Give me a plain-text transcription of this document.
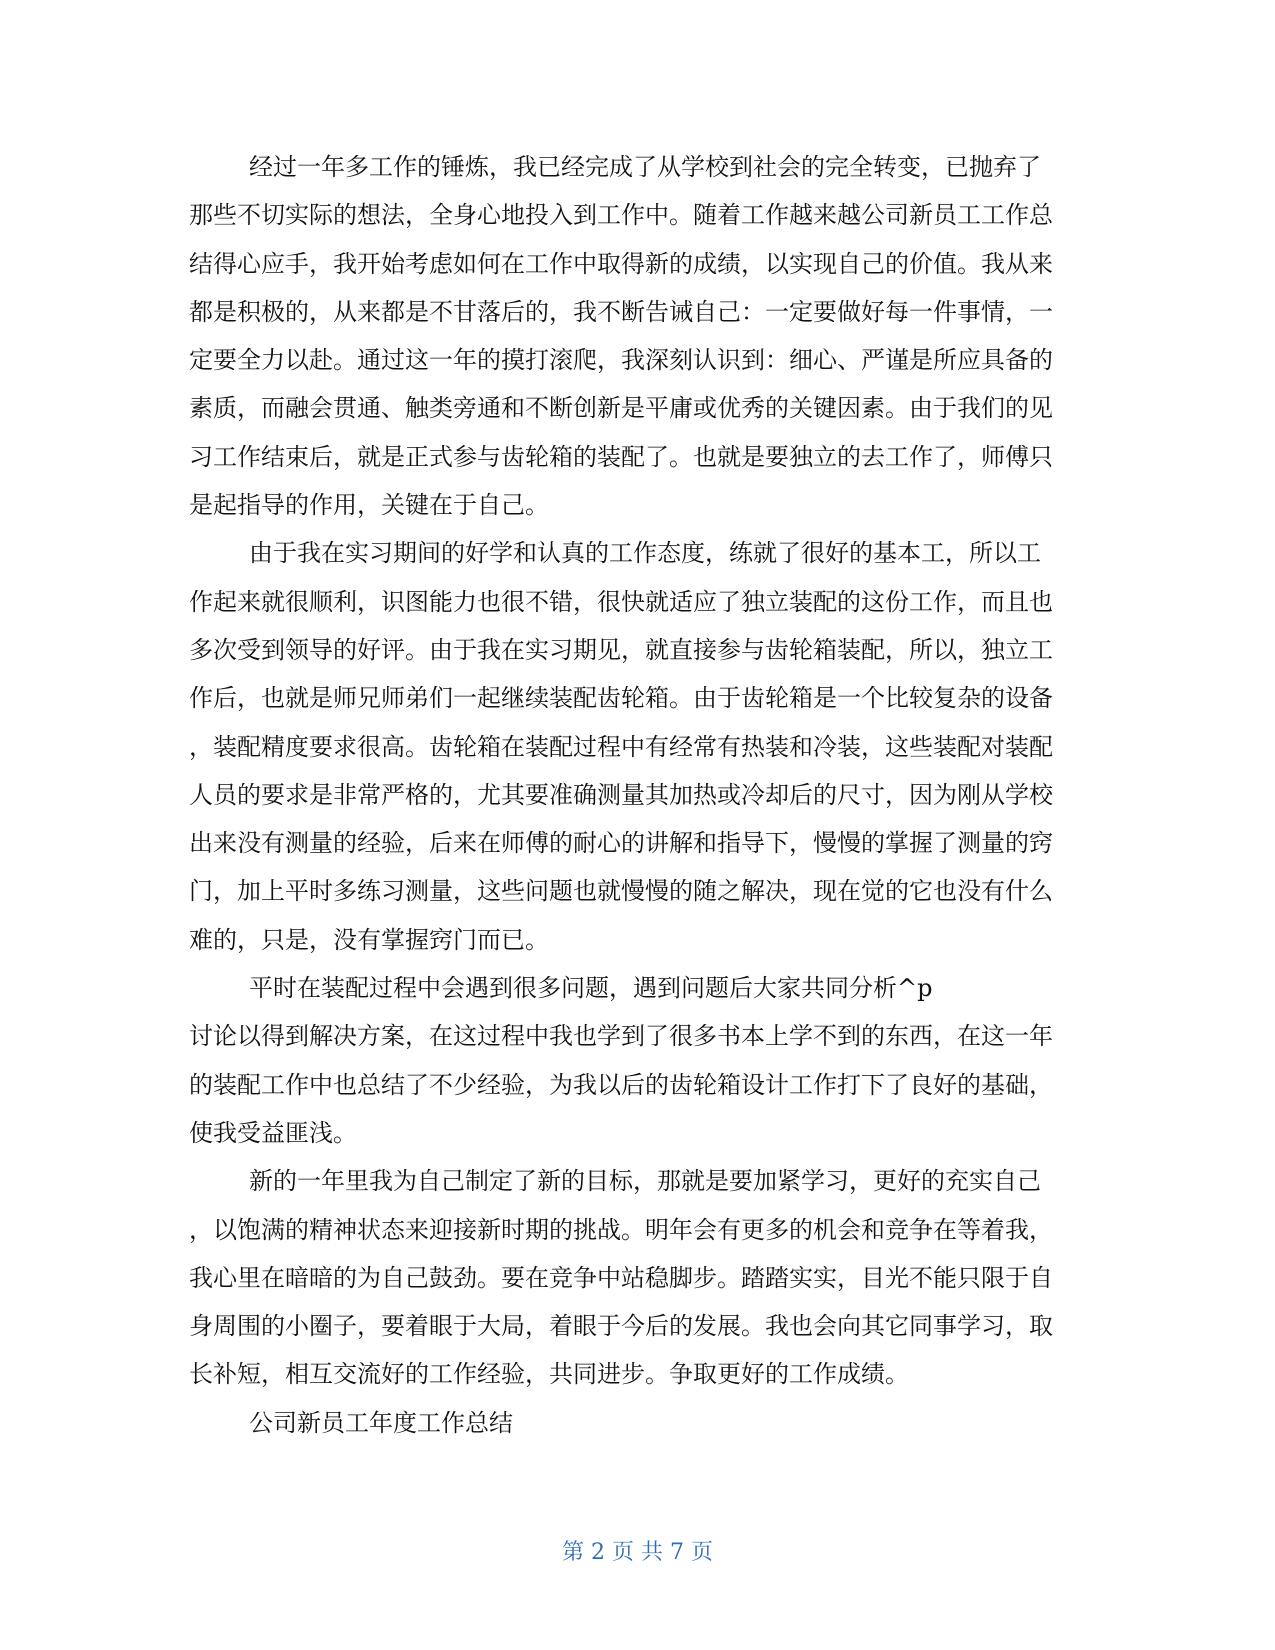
经过一年多工作的锤炼，我已经完成了从学校到社会的完全转变，已抛弃了
那些不切实际的想法，全身心地投入到工作中。随着工作越来越公司新员工工作总
结得心应手，我开始考虑如何在工作中取得新的成绩，以实现自己的价值。我从来
都是积极的，从来都是不甘落后的，我不断告诫自己：一定要做好每一件事情，一
定要全力以赴。通过这一年的摸打滚爬，我深刻认识到：细心、严谨是所应具备的
素质，而融会贯通、触类旁通和不断创新是平庸或优秀的关键因素。由于我们的见
习工作结束后，就是正式参与齿轮箱的装配了。也就是要独立的去工作了，师傅只
是起指导的作用，关键在于自己。
由于我在实习期间的好学和认真的工作态度，练就了很好的基本工，所以工
作起来就很顺利，识图能力也很不错，很快就适应了独立装配的这份工作，而且也
多次受到领导的好评。由于我在实习期见，就直接参与齿轮箱装配，所以，独立工
作后，也就是师兄师弟们一起继续装配齿轮箱。由于齿轮箱是一个比较复杂的设备
，装配精度要求很高。齿轮箱在装配过程中有经常有热装和冷装，这些装配对装配
人员的要求是非常严格的，尤其要准确测量其加热或冷却后的尺寸，因为刚从学校
出来没有测量的经验，后来在师傅的耐心的讲解和指导下，慢慢的掌握了测量的窍
门，加上平时多练习测量，这些问题也就慢慢的随之解决，现在觉的它也没有什么
难的，只是，没有掌握窍门而已。
平时在装配过程中会遇到很多问题，遇到问题后大家共同分析^p
讨论以得到解决方案，在这过程中我也学到了很多书本上学不到的东西，在这一年
的装配工作中也总结了不少经验，为我以后的齿轮箱设计工作打下了良好的基础，
使我受益匪浅。
新的一年里我为自己制定了新的目标，那就是要加紧学习，更好的充实自己
，以饱满的精神状态来迎接新时期的挑战。明年会有更多的机会和竞争在等着我，
我心里在暗暗的为自己鼓劲。要在竞争中站稳脚步。踏踏实实，目光不能只限于自
身周围的小圈子，要着眼于大局，着眼于今后的发展。我也会向其它同事学习，取
长补短，相互交流好的工作经验，共同进步。争取更好的工作成绩。
公司新员工年度工作总结
第 2 页 共 7 页
